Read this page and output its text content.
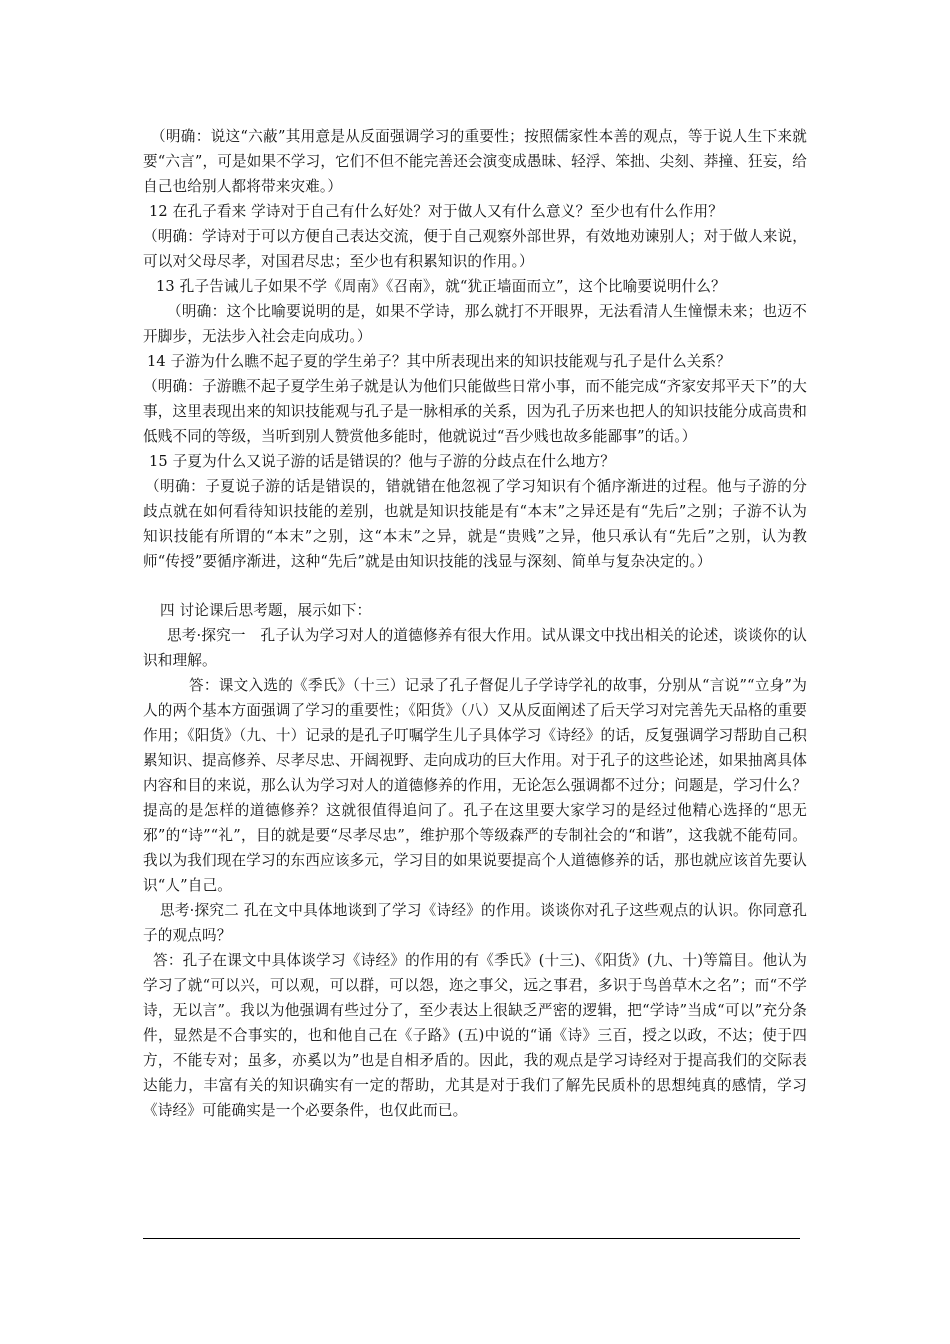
（明确：说这“六蔽”其用意是从反面强调学习的重要性；按照儒家性本善的观点，等于说人生下来就要“六言”，可是如果不学习，它们不但不能完善还会演变成愚昧、轻浮、笨拙、尖刻、莽撞、狂妄，给自己也给别人都将带来灾难。）

12 在孔子看来 学诗对于自己有什么好处？对于做人又有什么意义？至少也有什么作用？

（明确：学诗对于可以方便自己表达交流，便于自己观察外部世界，有效地劝谏别人；对于做人来说，可以对父母尽孝，对国君尽忠；至少也有积累知识的作用。）

13 孔子告诫儿子如果不学《周南》《召南》，就“犹正墙面而立”，这个比喻要说明什么？

（明确：这个比喻要说明的是，如果不学诗，那么就打不开眼界，无法看清人生憧憬未来；也迈不开脚步，无法步入社会走向成功。）

14 子游为什么瞧不起子夏的学生弟子？其中所表现出来的知识技能观与孔子是什么关系？

（明确：子游瞧不起子夏学生弟子就是认为他们只能做些日常小事，而不能完成“齐家安邦平天下”的大事，这里表现出来的知识技能观与孔子是一脉相承的关系，因为孔子历来也把人的知识技能分成高贵和低贱不同的等级，当听到别人赞赏他多能时，他就说过“吾少贱也故多能鄙事”的话。）

15 子夏为什么又说子游的话是错误的？他与子游的分歧点在什么地方？

（明确：子夏说子游的话是错误的，错就错在他忽视了学习知识有个循序渐进的过程。他与子游的分歧点就在如何看待知识技能的差别，也就是知识技能是有“本末”之异还是有“先后”之别；子游不认为知识技能有所谓的“本末”之别，这“本末”之异，就是“贵贱”之异，他只承认有“先后”之别，认为教师“传授”要循序渐进，这种“先后”就是由知识技能的浅显与深刻、简单与复杂决定的。）

四 讨论课后思考题，展示如下：

思考·探究一　孔子认为学习对人的道德修养有很大作用。试从课文中找出相关的论述，谈谈你的认识和理解。

答：课文入选的《季氏》（十三）记录了孔子督促儿子学诗学礼的故事，分别从“言说”“立身”为人的两个基本方面强调了学习的重要性；《阳货》（八）又从反面阐述了后天学习对完善先天品格的重要作用；《阳货》（九、十）记录的是孔子叮嘱学生儿子具体学习《诗经》的话，反复强调学习帮助自己积累知识、提高修养、尽孝尽忠、开阔视野、走向成功的巨大作用。对于孔子的这些论述，如果抽离具体内容和目的来说，那么认为学习对人的道德修养的作用，无论怎么强调都不过分；问题是，学习什么？提高的是怎样的道德修养？这就很值得追问了。孔子在这里要大家学习的是经过他精心选择的“思无邪”的“诗”“礼”，目的就是要“尽孝尽忠”，维护那个等级森严的专制社会的“和谐”，这我就不能苟同。我以为我们现在学习的东西应该多元，学习目的如果说要提高个人道德修养的话，那也就应该首先要认识“人”自己。

思考·探究二 孔在文中具体地谈到了学习《诗经》的作用。谈谈你对孔子这些观点的认识。你同意孔子的观点吗？

答：孔子在课文中具体谈学习《诗经》的作用的有《季氏》(十三)、《阳货》(九、十)等篇目。他认为学习了就“可以兴，可以观，可以群，可以怨，迩之事父，远之事君，多识于鸟兽草木之名”；而“不学诗，无以言”。我以为他强调有些过分了，至少表达上很缺乏严密的逻辑，把“学诗”当成“可以”充分条件，显然是不合事实的，也和他自己在《子路》(五)中说的“诵《诗》三百，授之以政，不达；使于四方，不能专对；虽多，亦奚以为”也是自相矛盾的。因此，我的观点是学习诗经对于提高我们的交际表达能力，丰富有关的知识确实有一定的帮助，尤其是对于我们了解先民质朴的思想纯真的感情，学习《诗经》可能确实是一个必要条件，也仅此而已。
